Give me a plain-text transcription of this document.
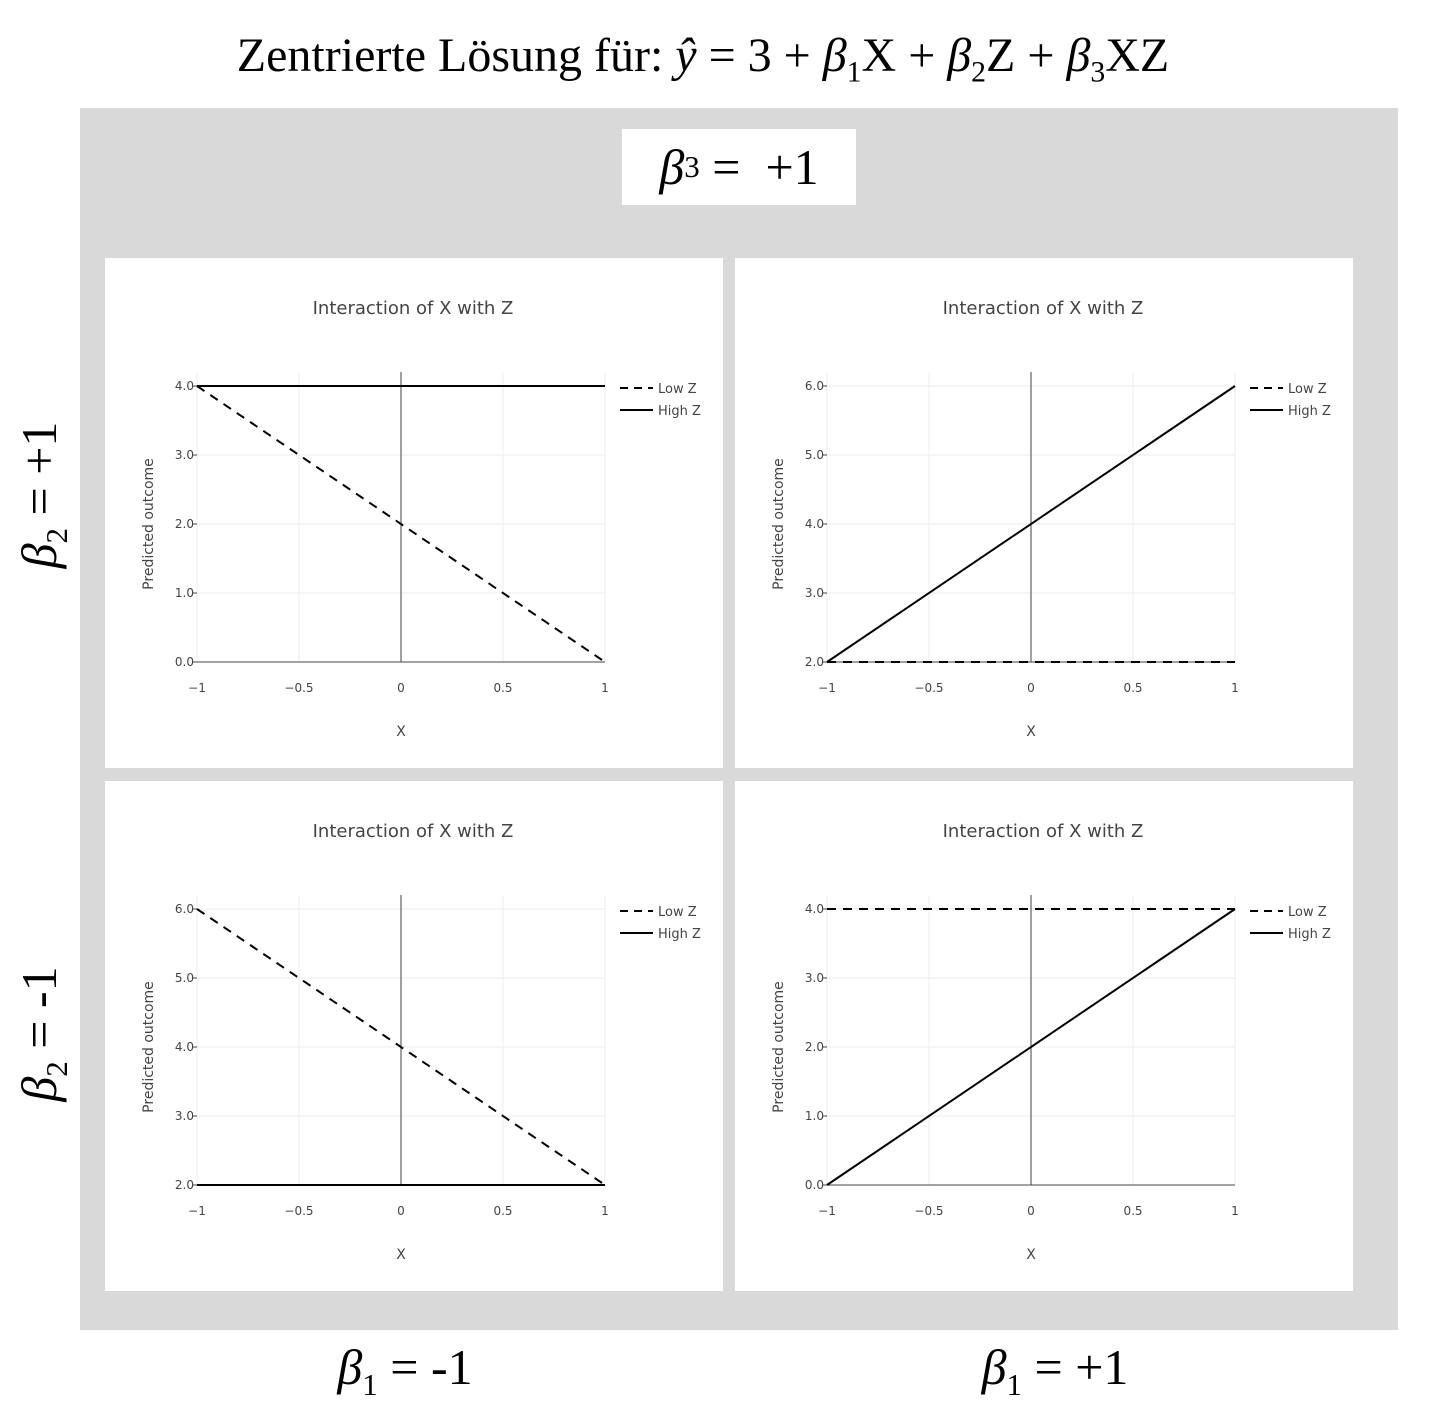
Zentrierte Lösung für: ŷ = $3 + \beta_1X + \beta_2Z + \beta_3XZ$
β 3 =  +1
$\beta_2 = +1$
$\beta_2 = -1$
$\beta_1 = -1$	$\beta_1 = +1$
Interaction of X with Z
−1	−0.5	0	0.5	1
0.0
1.0
2.0
3.0
4.0
X
Predicted outcome
Low Z
High Z
Interaction of X with Z
−1	−0.5	0	0.5	1
2.0
3.0
4.0
5.0
6.0
X
Predicted outcome
Low Z
High Z
Interaction of X with Z
−1	−0.5	0	0.5	1
2.0
3.0
4.0
5.0
6.0
X
Predicted outcome
Low Z
High Z
Interaction of X with Z
−1	−0.5	0	0.5	1
0.0
1.0
2.0
3.0
4.0
X
Predicted outcome
Low Z
High Z
